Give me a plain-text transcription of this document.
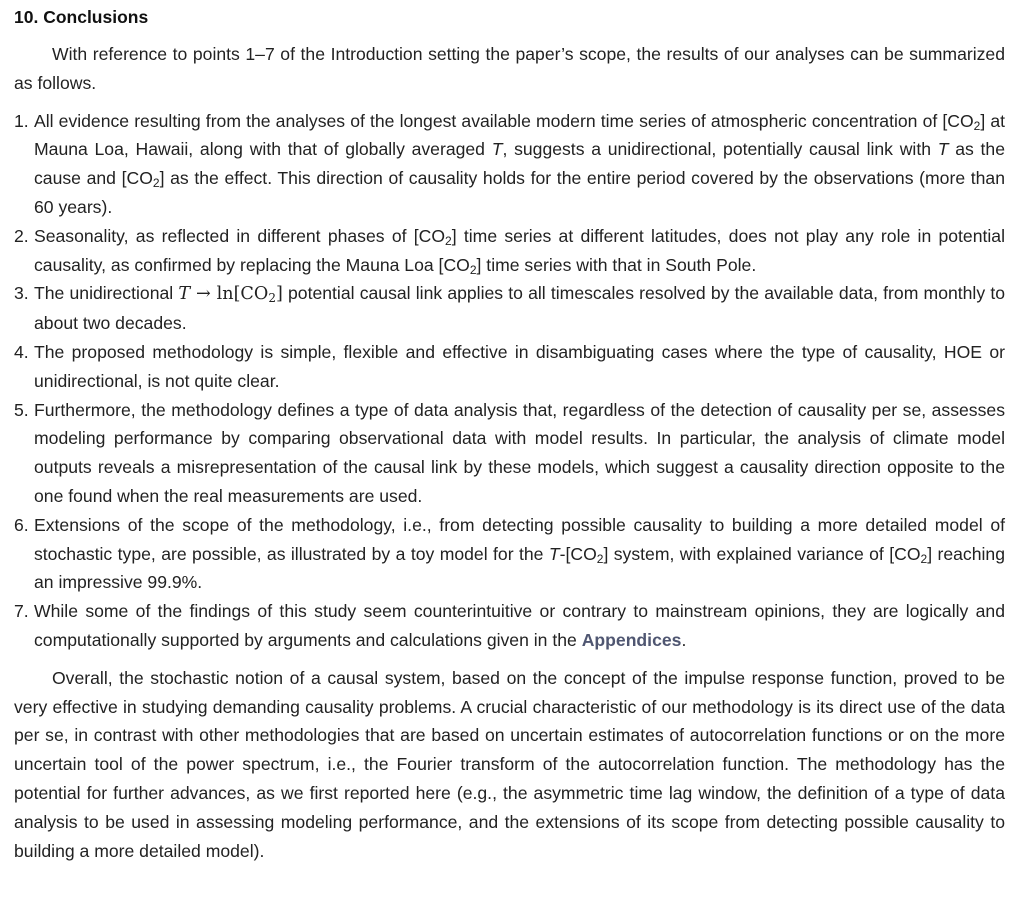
10. Conclusions

With reference to points 1–7 of the Introduction setting the paper’s scope, the results of our analyses can be summarized as follows.

1. All evidence resulting from the analyses of the longest available modern time series of atmospheric concentration of $[CO_2]$ at Mauna Loa, Hawaii, along with that of globally averaged T, suggests a unidirectional, potentially causal link with T as the cause and $[CO_2]$ as the effect. This direction of causality holds for the entire period covered by the observations (more than 60 years).
2. Seasonality, as reflected in different phases of $[CO_2]$ time series at different latitudes, does not play any role in potential causality, as confirmed by replacing the Mauna Loa $[CO_2]$ time series with that in South Pole.
3. The unidirectional $T \to \ln[CO_2]$ potential causal link applies to all timescales resolved by the available data, from monthly to about two decades.
4. The proposed methodology is simple, flexible and effective in disambiguating cases where the type of causality, HOE or unidirectional, is not quite clear.
5. Furthermore, the methodology defines a type of data analysis that, regardless of the detection of causality per se, assesses modeling performance by comparing observational data with model results. In particular, the analysis of climate model outputs reveals a misrepresentation of the causal link by these models, which suggest a causality direction opposite to the one found when the real measurements are used.
6. Extensions of the scope of the methodology, i.e., from detecting possible causality to building a more detailed model of stochastic type, are possible, as illustrated by a toy model for the $T-[CO_2]$ system, with explained variance of $[CO_2]$ reaching an impressive 99.9%.
7. While some of the findings of this study seem counterintuitive or contrary to mainstream opinions, they are logically and computationally supported by arguments and calculations given in the Appendices.

Overall, the stochastic notion of a causal system, based on the concept of the impulse response function, proved to be very effective in studying demanding causality problems. A crucial characteristic of our methodology is its direct use of the data per se, in contrast with other methodologies that are based on uncertain estimates of autocorrelation functions or on the more uncertain tool of the power spectrum, i.e., the Fourier transform of the autocorrelation function. The methodology has the potential for further advances, as we first reported here (e.g., the asymmetric time lag window, the definition of a type of data analysis to be used in assessing modeling performance, and the extensions of its scope from detecting possible causality to building a more detailed model).
